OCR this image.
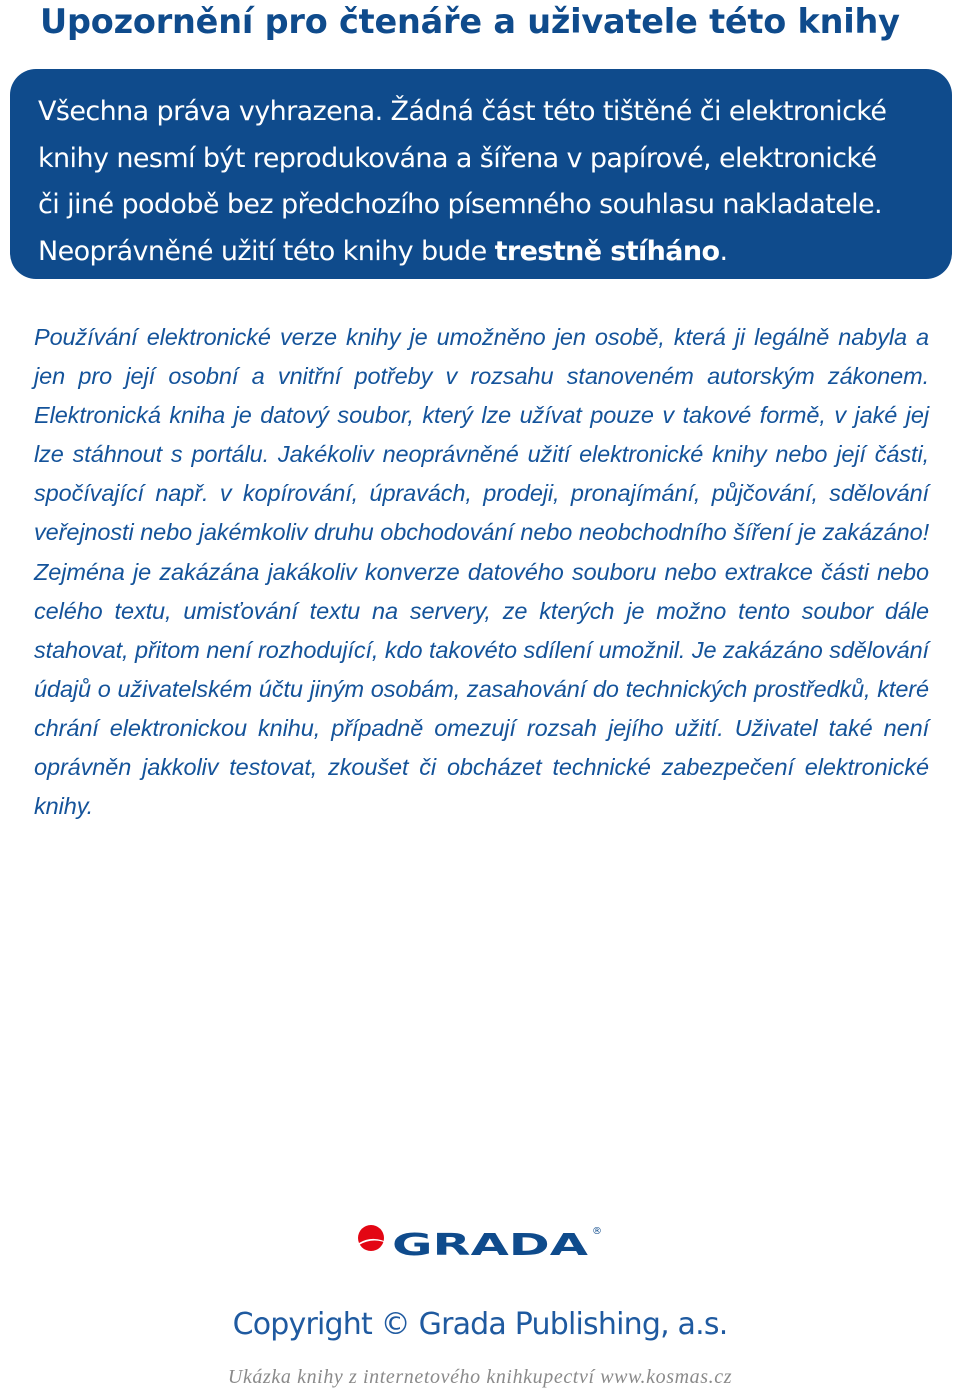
Upozornění pro čtenáře a uživatele této knihy

Všechna práva vyhrazena. Žádná část této tištěné či elektronické
knihy nesmí být reprodukována a šířena v papírové, elektronické
či jiné podobě bez předchozího písemného souhlasu nakladatele.
Neoprávněné užití této knihy bude trestně stíháno.

Používání elektronické verze knihy je umožněno jen osobě, která ji legálně nabyla a jen pro její osobní a vnitřní potřeby v rozsahu stanoveném autorským zákonem. Elektronická kniha je datový soubor, který lze užívat pouze v takové formě, v jaké jej lze stáhnout s portálu. Jakékoliv neoprávněné užití elektronické knihy nebo její části, spočívající např. v kopírování, úpravách, prodeji, pronajímání, půjčování, sdělování veřejnosti nebo jakémkoliv druhu obchodování nebo neobchodního šíření je zakázáno! Zejména je zakázána jakákoliv konverze datového souboru nebo extrakce části nebo celého textu, umisťování textu na servery, ze kterých je možno tento soubor dále stahovat, přitom není rozhodující, kdo takovéto sdílení umožnil. Je zakázáno sdělování údajů o uživatelském účtu jiným osobám, zasahování do technických prostředků, které chrání elektronickou knihu, případně omezují rozsah jejího užití. Uživatel také není oprávněn jakkoliv testovat, zkoušet či obcházet technické zabezpečení elektronické knihy.

GRADA ®

Copyright © Grada Publishing, a.s.

Ukázka knihy z internetového knihkupectví www.kosmas.cz
